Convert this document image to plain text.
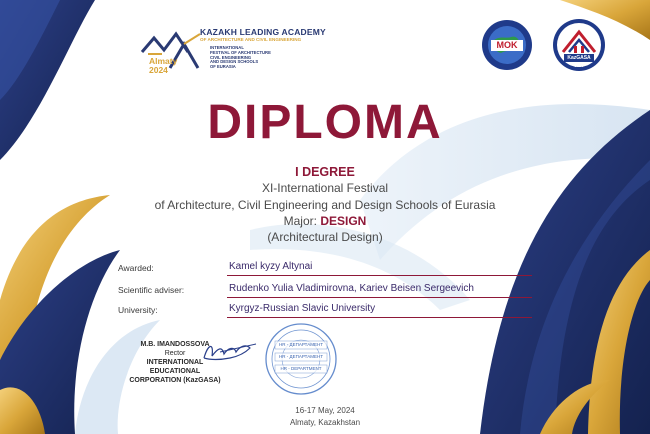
Almaty
2024
KAZAKH LEADING ACADEMY
OF ARCHITECTURE AND CIVIL ENGINEERING
INTERNATIONAL
FESTIVAL OF ARCHITECTURE
CIVIL ENGINEERING
AND DESIGN SCHOOLS
OF EURASIA
MOK
KazGASA
1980
DIPLOMA
I DEGREE
XI-International Festival
of Architecture, Civil Engineering and Design Schools of Eurasia
Major: DESIGN
(Architectural Design)
Awarded:	Kamel kyzy Altynai
Scientific adviser:	Rudenko Yulia Vladimirovna, Kariev Beisen Sergeevich
University:	Kyrgyz-Russian Slavic University
M.B. IMANDOSSOVA
Rector
INTERNATIONAL
EDUCATIONAL
CORPORATION (KazGASA)
HR - ДЕПАРТАМЕНТ
HR - ДЕПАРТАМЕНТ
HR - DEPARTMENT
16-17 May, 2024
Almaty, Kazakhstan
